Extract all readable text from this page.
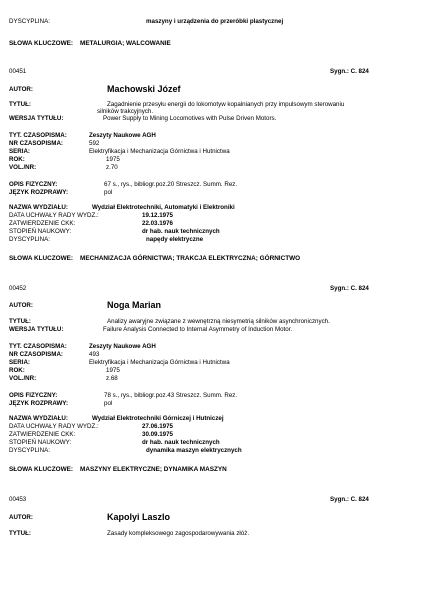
DYSCYPLINA:	maszyny i urządzenia do przeróbki plastycznej
SŁOWA KLUCZOWE: METALURGIA; WALCOWANIE
00451	Sygn.: C. 824
AUTOR:	Machowski Józef
TYTUŁ:	Zagadnienie przesyłu energii do lokomotyw kopalnianych przy impulsowym sterowaniu
silników trakcyjnych.
WERSJA TYTUŁU:	Power Supply to Mining Locomotives with Pulse Driven Motors.
TYT. CZASOPISMA:	Zeszyty Naukowe AGH
NR CZASOPISMA:	592
SERIA:	Elektryfikacja i Mechanizacja Górnictwa i Hutnictwa
ROK:	1975
VOL./NR:	z.70
OPIS FIZYCZNY:	67 s., rys., bibliogr.poz.20 Streszcz. Summ. Rez.
JĘZYK ROZPRAWY:	pol
NAZWA WYDZIAŁU:	Wydział Elektrotechniki, Automatyki i Elektroniki
DATA UCHWAŁY RADY WYDZ.:	19.12.1975
ZATWIERDZENIE CKK:	22.03.1976
STOPIEŃ NAUKOWY:	dr hab. nauk technicznych
DYSCYPLINA:	napędy elektryczne
SŁOWA KLUCZOWE: MECHANIZACJA GÓRNICTWA; TRAKCJA ELEKTRYCZNA; GÓRNICTWO
00452	Sygn.: C. 824
AUTOR:	Noga Marian
TYTUŁ:	Analizy awaryjne związane z wewnętrzną niesymetrią silników asynchronicznych.
WERSJA TYTUŁU:	Failure Analysis Connected to Internal Asymmetry of Induction Motor.
TYT. CZASOPISMA:	Zeszyty Naukowe AGH
NR CZASOPISMA:	493
SERIA:	Elektryfikacja i Mechanizacja Górnictwa i Hutnictwa
ROK:	1975
VOL./NR:	z.68
OPIS FIZYCZNY:	78 s., rys., bibliogr.poz.43 Streszcz. Summ. Rez.
JĘZYK ROZPRAWY:	pol
NAZWA WYDZIAŁU:	Wydział Elektrotechniki Górniczej i Hutniczej
DATA UCHWAŁY RADY WYDZ.:	27.06.1975
ZATWIERDZENIE CKK:	30.09.1975
STOPIEŃ NAUKOWY:	dr hab. nauk technicznych
DYSCYPLINA:	dynamika maszyn elektrycznych
SŁOWA KLUCZOWE: MASZYNY ELEKTRYCZNE; DYNAMIKA MASZYN
00453	Sygn.: C. 824
AUTOR:	Kapolyi Laszlo
TYTUŁ:	Zasady kompleksowego zagospodarowywania złóż.
